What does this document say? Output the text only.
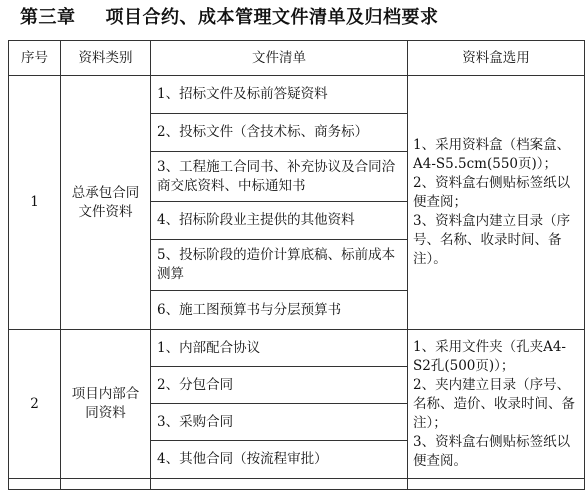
第三章 项目合约、成本管理文件清单及归档要求
序号	资料类别	文件清单	资料盒选用
1	总承包合同文件资料	1、招标文件及标前答疑资料	1、采用资料盒（档案盒、A4-S5.5cm(550页)）；
2、资料盒右侧贴标签纸以便查阅；
3、资料盒内建立目录（序号、名称、收录时间、备注）。

		2、投标文件（含技术标、商务标）	
		3、工程施工合同书、补充协议及合同洽商交底资料、中标通知书	
		4、招标阶段业主提供的其他资料	
		5、投标阶段的造价计算底稿、标前成本测算	
		6、施工图预算书与分层预算书	
2	项目内部合同资料	1、内部配合协议	1、采用文件夹（孔夹A4-S2孔(500页)）；
2、夹内建立目录（序号、名称、造价、收录时间、备注）；
3、资料盒右侧贴标签纸以便查阅。

		2、分包合同	
		3、采购合同	
		4、其他合同（按流程审批）	
